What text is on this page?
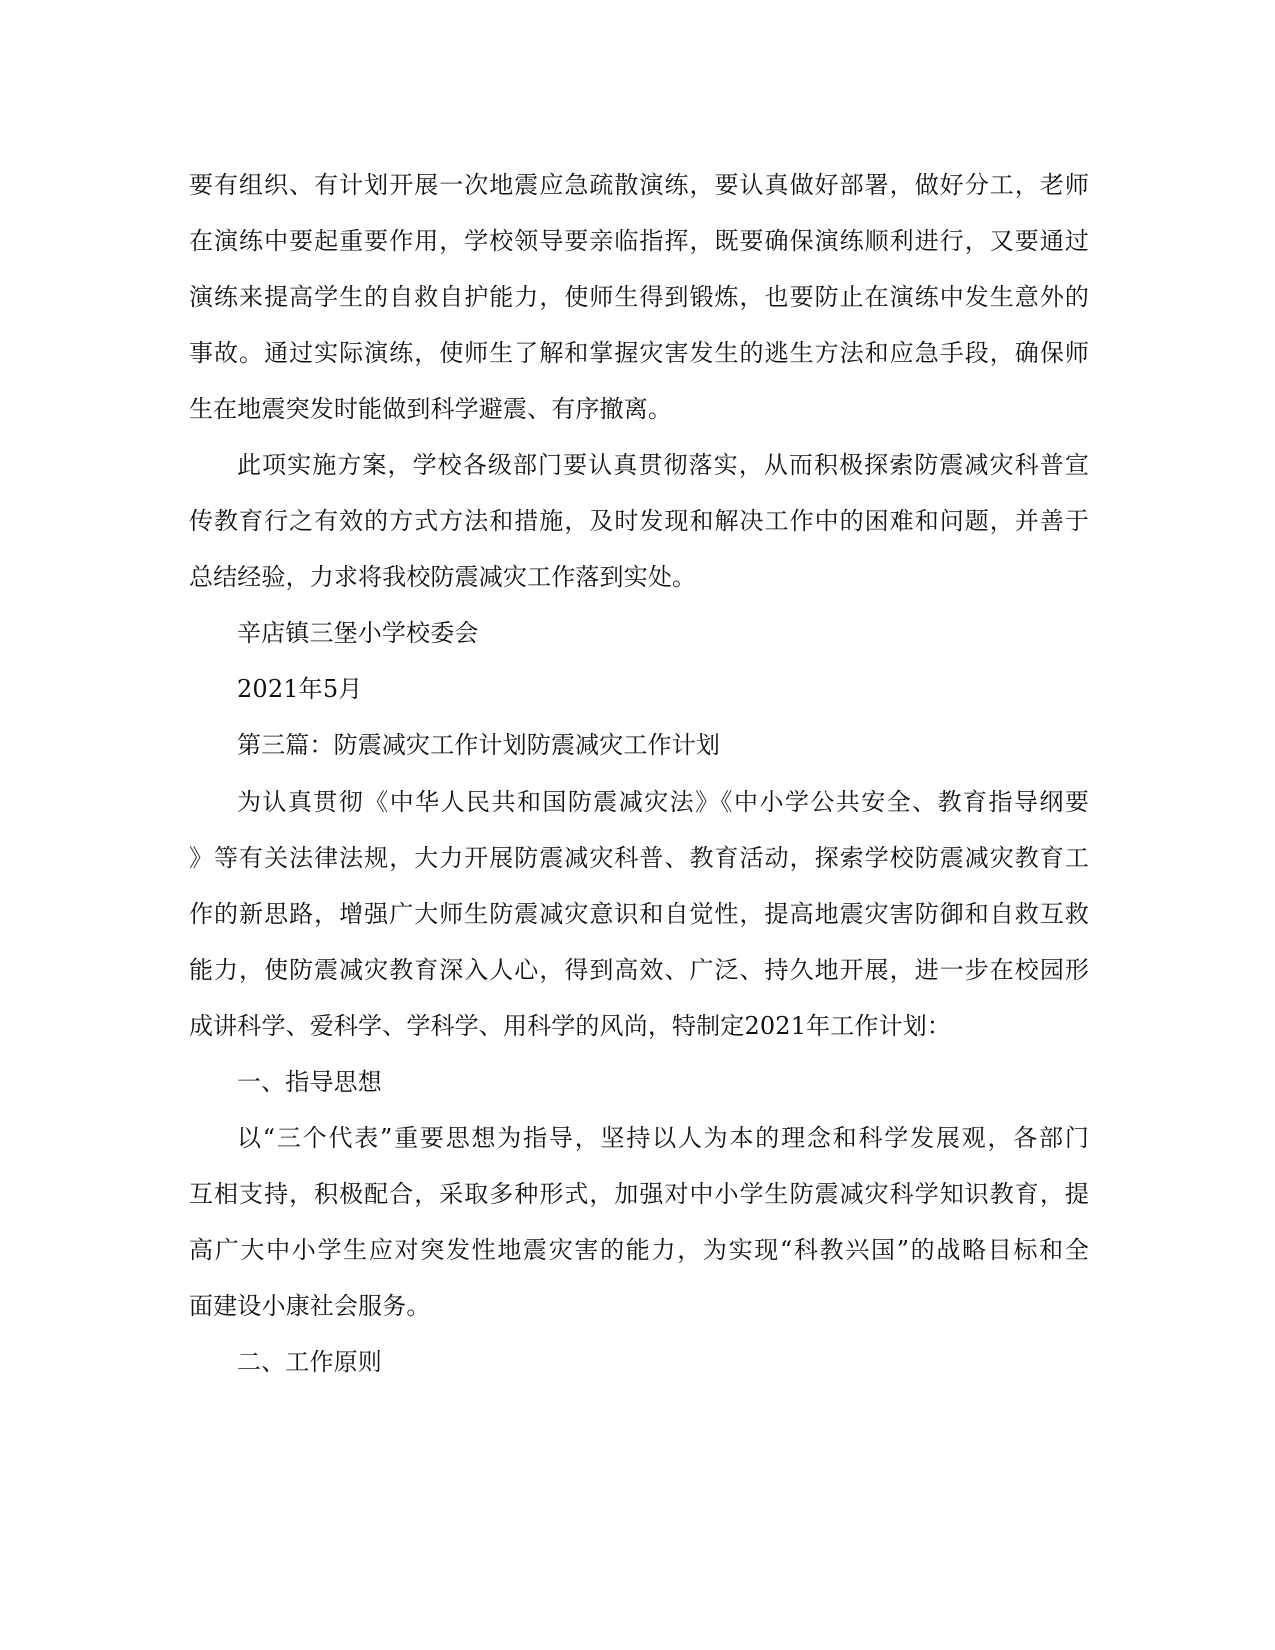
要有组织、有计划开展一次地震应急疏散演练，要认真做好部署，做好分工，老师
在演练中要起重要作用，学校领导要亲临指挥，既要确保演练顺利进行，又要通过
演练来提高学生的自救自护能力，使师生得到锻炼，也要防止在演练中发生意外的
事故。通过实际演练，使师生了解和掌握灾害发生的逃生方法和应急手段，确保师
生在地震突发时能做到科学避震、有序撤离。
此项实施方案，学校各级部门要认真贯彻落实，从而积极探索防震减灾科普宣
传教育行之有效的方式方法和措施，及时发现和解决工作中的困难和问题，并善于
总结经验，力求将我校防震减灾工作落到实处。
辛店镇三堡小学校委会
2021年5月
第三篇：防震减灾工作计划防震减灾工作计划
为认真贯彻《中华人民共和国防震减灾法》《中小学公共安全、教育指导纲要
》等有关法律法规，大力开展防震减灾科普、教育活动，探索学校防震减灾教育工
作的新思路，增强广大师生防震减灾意识和自觉性，提高地震灾害防御和自救互救
能力，使防震减灾教育深入人心，得到高效、广泛、持久地开展，进一步在校园形
成讲科学、爱科学、学科学、用科学的风尚，特制定2021年工作计划：
一、指导思想
以“三个代表”重要思想为指导，坚持以人为本的理念和科学发展观，各部门
互相支持，积极配合，采取多种形式，加强对中小学生防震减灾科学知识教育，提
高广大中小学生应对突发性地震灾害的能力，为实现“科教兴国”的战略目标和全
面建设小康社会服务。
二、工作原则
